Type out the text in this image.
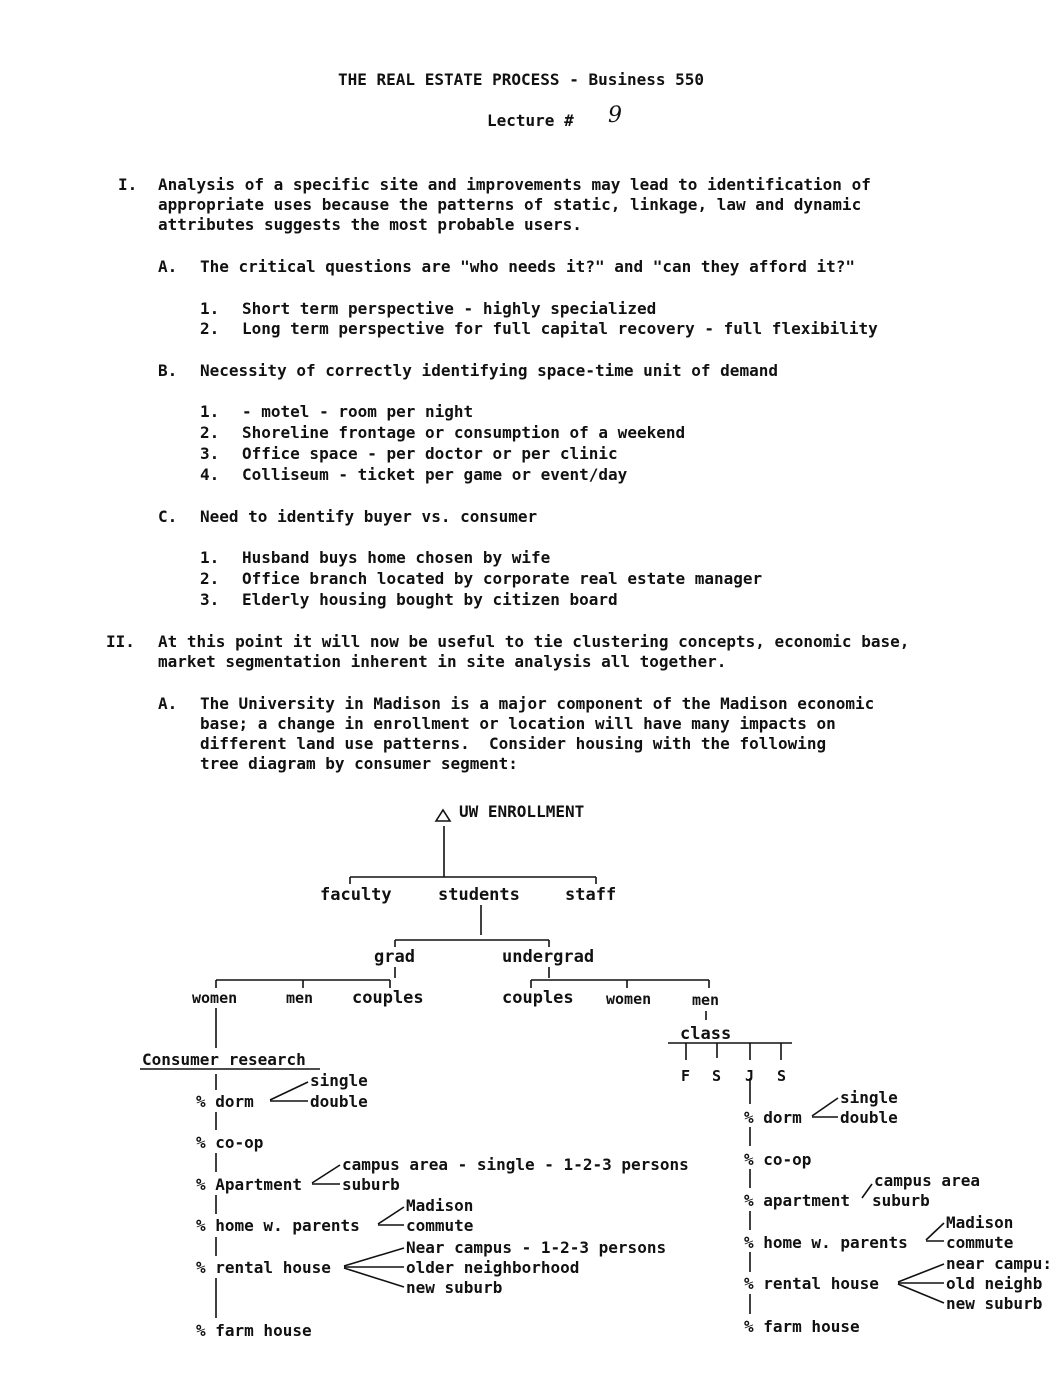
THE REAL ESTATE PROCESS - Business 550
Lecture # 9
I. Analysis of a specific site and improvements may lead to identification of
appropriate uses because the patterns of static, linkage, law and dynamic
attributes suggests the most probable users.
A. The critical questions are "who needs it?" and "can they afford it?"
1. Short term perspective - highly specialized
2. Long term perspective for full capital recovery - full flexibility
B. Necessity of correctly identifying space-time unit of demand
1. - motel - room per night
2. Shoreline frontage or consumption of a weekend
3. Office space - per doctor or per clinic
4. Colliseum - ticket per game or event/day
C. Need to identify buyer vs. consumer
1. Husband buys home chosen by wife
2. Office branch located by corporate real estate manager
3. Elderly housing bought by citizen board
II. At this point it will now be useful to tie clustering concepts, economic base,
market segmentation inherent in site analysis all together.
A. The University in Madison is a major component of the Madison economic
base; a change in enrollment or location will have many impacts on
different land use patterns.  Consider housing with the following
tree diagram by consumer segment:
UW ENROLLMENT
faculty	students	staff
grad	undergrad
women	men couples	couples women	men
class
F S J S
Consumer research
% dorm
single
double
% co-op
% Apartment
campus area - single - 1-2-3 persons
suburb
% home w. parents
Madison
commute
% rental house
Near campus - 1-2-3 persons
older neighborhood
new suburb
% farm house
% dorm
single
double
% co-op
% apartment
campus area
suburb
% home w. parents
Madison
commute
% rental house
near campu:
old neighb
new suburb
% farm house
